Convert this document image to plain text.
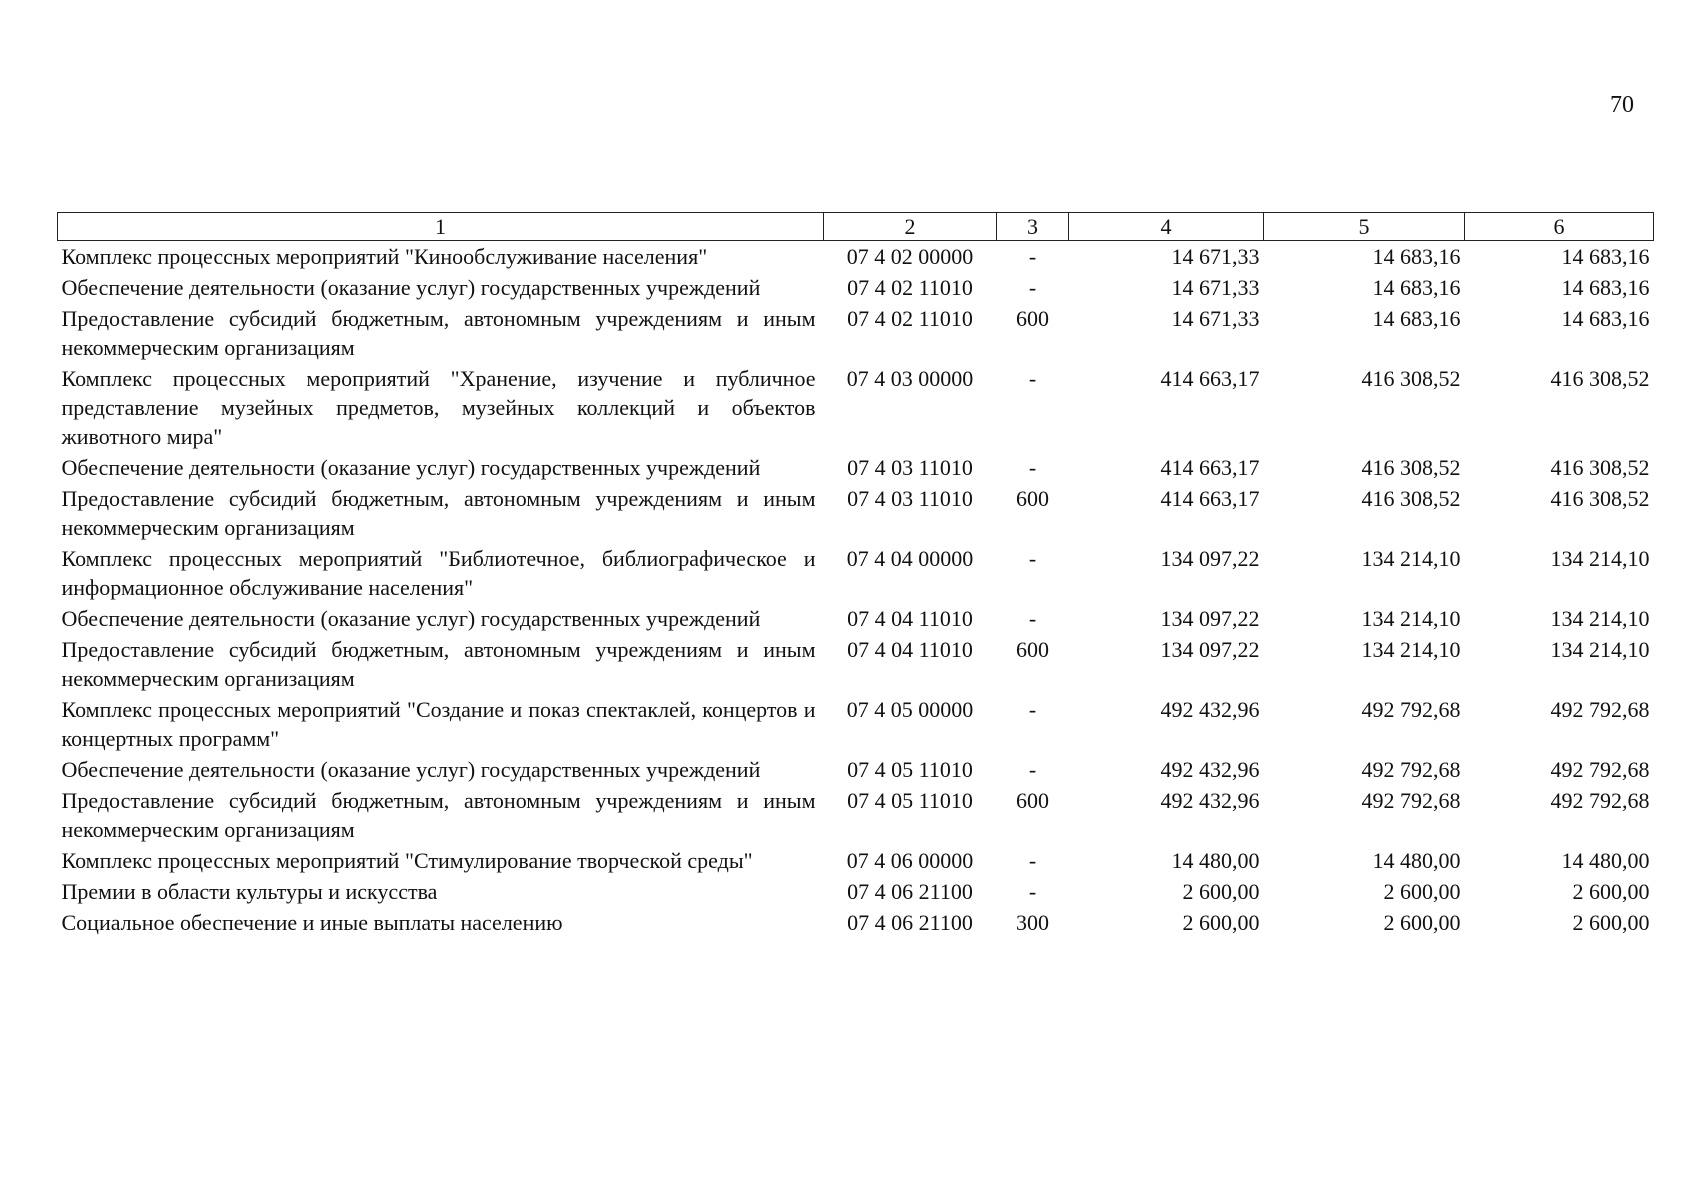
70
1	2	3	4	5	6
Комплекс процессных мероприятий "Кинообслуживание населения"	07 4 02 00000	-	14 671,33	14 683,16	14 683,16
Обеспечение деятельности (оказание услуг) государственных учреждений	07 4 02 11010	-	14 671,33	14 683,16	14 683,16
Предоставление субсидий бюджетным, автономным учреждениям и иным некоммерческим организациям	07 4 02 11010	600	14 671,33	14 683,16	14 683,16
Комплекс процессных мероприятий "Хранение, изучение и публичное представление музейных предметов, музейных коллекций и объектов животного мира"	07 4 03 00000	-	414 663,17	416 308,52	416 308,52
Обеспечение деятельности (оказание услуг) государственных учреждений	07 4 03 11010	-	414 663,17	416 308,52	416 308,52
Предоставление субсидий бюджетным, автономным учреждениям и иным некоммерческим организациям	07 4 03 11010	600	414 663,17	416 308,52	416 308,52
Комплекс процессных мероприятий "Библиотечное, библиографическое и информационное обслуживание населения"	07 4 04 00000	-	134 097,22	134 214,10	134 214,10
Обеспечение деятельности (оказание услуг) государственных учреждений	07 4 04 11010	-	134 097,22	134 214,10	134 214,10
Предоставление субсидий бюджетным, автономным учреждениям и иным некоммерческим организациям	07 4 04 11010	600	134 097,22	134 214,10	134 214,10
Комплекс процессных мероприятий "Создание и показ спектаклей, концертов и концертных программ"	07 4 05 00000	-	492 432,96	492 792,68	492 792,68
Обеспечение деятельности (оказание услуг) государственных учреждений	07 4 05 11010	-	492 432,96	492 792,68	492 792,68
Предоставление субсидий бюджетным, автономным учреждениям и иным некоммерческим организациям	07 4 05 11010	600	492 432,96	492 792,68	492 792,68
Комплекс процессных мероприятий "Стимулирование творческой среды"	07 4 06 00000	-	14 480,00	14 480,00	14 480,00
Премии в области культуры и искусства	07 4 06 21100	-	2 600,00	2 600,00	2 600,00
Социальное обеспечение и иные выплаты населению	07 4 06 21100	300	2 600,00	2 600,00	2 600,00
